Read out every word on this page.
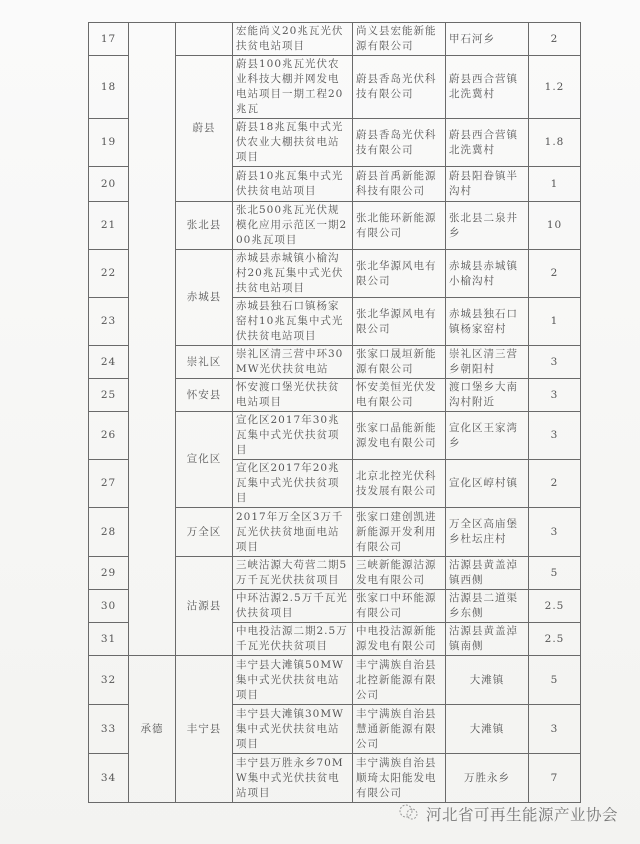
17			宏能尚义20兆瓦光伏扶贫电站项目	尚义县宏能新能源有限公司	甲石河乡	2
18		蔚县	蔚县100兆瓦光伏农业科技大棚并网发电电站项目一期工程20兆瓦	蔚县香岛光伏科技有限公司	蔚县西合营镇北洗冀村	1.2
19			蔚县18兆瓦集中式光伏农业大棚扶贫电站项目	蔚县香岛光伏科技有限公司	蔚县西合营镇北洗冀村	1.8
20			蔚县10兆瓦集中式光伏扶贫电站项目	蔚县首禹新能源科技有限公司	蔚县阳眷镇半沟村	1
21		张北县	张北500兆瓦光伏规模化应用示范区一期200兆瓦项目	张北能环新能源有限公司	张北县二泉井乡	10
22		赤城县	赤城县赤城镇小榆沟村20兆瓦集中式光伏扶贫电站项目	张北华源风电有限公司	赤城县赤城镇小榆沟村	2
23			赤城县独石口镇杨家窑村10兆瓦集中式光伏扶贫电站项目	张北华源风电有限公司	赤城县独石口镇杨家窑村	1
24		崇礼区	崇礼区清三营中环30MW光伏扶贫电站	张家口晟垣新能源有限公司	崇礼区清三营乡朝阳村	3
25		怀安县	怀安渡口堡光伏扶贫电站项目	怀安美恒光伏发电有限公司	渡口堡乡大南沟村附近	3
26		宣化区	宣化区2017年30兆瓦集中式光伏扶贫项目	张家口晶能新能源发电有限公司	宣化区王家湾乡	3
27			宣化区2017年20兆瓦集中式光伏扶贫项目	北京北控光伏科技发展有限公司	宣化区崞村镇	2
28		万全区	2017年万全区3万千瓦光伏扶贫地面电站项目	张家口建创凯进新能源开发利用有限公司	万全区高庙堡乡杜坛庄村	3
29		沽源县	三峡沽源大苟营二期5万千瓦光伏扶贫项目	三峡新能源沽源发电有限公司	沽源县黄盖淖镇西侧	5
30			中环沽源2.5万千瓦光伏扶贫项目	张家口中环能源有限公司	沽源县二道渠乡东侧	2.5
31			中电投沽源二期2.5万千瓦光伏扶贫项目	中电投沽源新能源发电有限公司	沽源县黄盖淖镇南侧	2.5
32	承德	丰宁县	丰宁县大滩镇50MW集中式光伏扶贫电站项目	丰宁满族自治县北控新能源有限公司	大滩镇	5
33			丰宁县大滩镇30MW集中式光伏扶贫电站项目	丰宁满族自治县慧通新能源有限公司	大滩镇	3
34			丰宁县万胜永乡70MW集中式光伏扶贫电站项目	丰宁满族自治县顺琦太阳能发电有限公司	万胜永乡	7
河北省可再生能源产业协会
